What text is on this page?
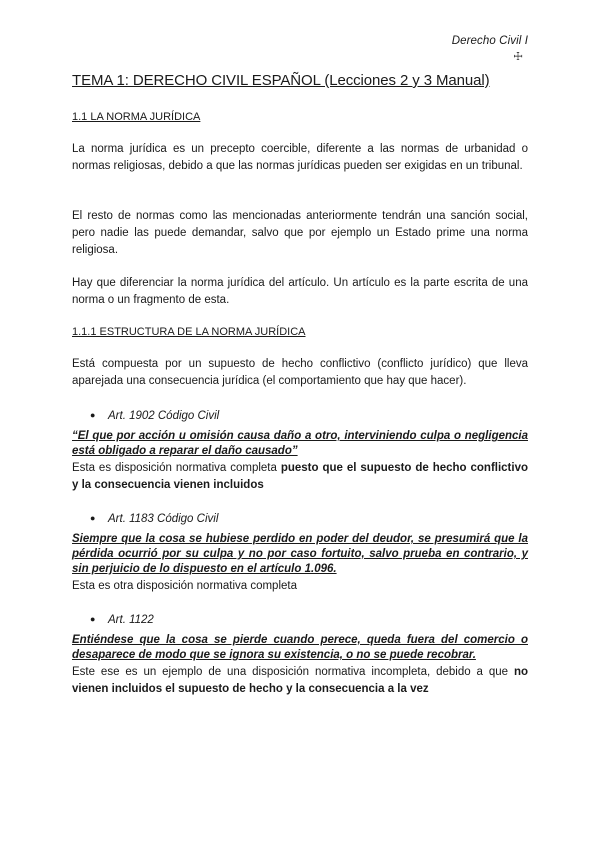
Derecho Civil I
☩
TEMA 1: DERECHO CIVIL ESPAÑOL (Lecciones 2 y 3 Manual)
1.1 LA NORMA JURÍDICA

La norma jurídica es un precepto coercible, diferente a las normas de urbanidad o normas religiosas, debido a que las normas jurídicas pueden ser exigidas en un tribunal.

El resto de normas como las mencionadas anteriormente tendrán una sanción social, pero nadie las puede demandar, salvo que por ejemplo un Estado prime una norma religiosa.

Hay que diferenciar la norma jurídica del artículo. Un artículo es la parte escrita de una norma o un fragmento de esta.

1.1.1 ESTRUCTURA DE LA NORMA JURÍDICA

Está compuesta por un supuesto de hecho conflictivo (conflicto jurídico) que lleva aparejada una consecuencia jurídica (el comportamiento que hay que hacer).

● Art. 1902 Código Civil

“El que por acción u omisión causa daño a otro, interviniendo culpa o negligencia está obligado a reparar el daño causado”

Esta es disposición normativa completa puesto que el supuesto de hecho conflictivo y la consecuencia vienen incluidos

● Art. 1183 Código Civil

Siempre que la cosa se hubiese perdido en poder del deudor, se presumirá que la pérdida ocurrió por su culpa y no por caso fortuito, salvo prueba en contrario, y sin perjuicio de lo dispuesto en el artículo 1.096.

Esta es otra disposición normativa completa

● Art. 1122

Entiéndese que la cosa se pierde cuando perece, queda fuera del comercio o desaparece de modo que se ignora su existencia, o no se puede recobrar.

Este ese es un ejemplo de una disposición normativa incompleta, debido a que no vienen incluidos el supuesto de hecho y la consecuencia a la vez
